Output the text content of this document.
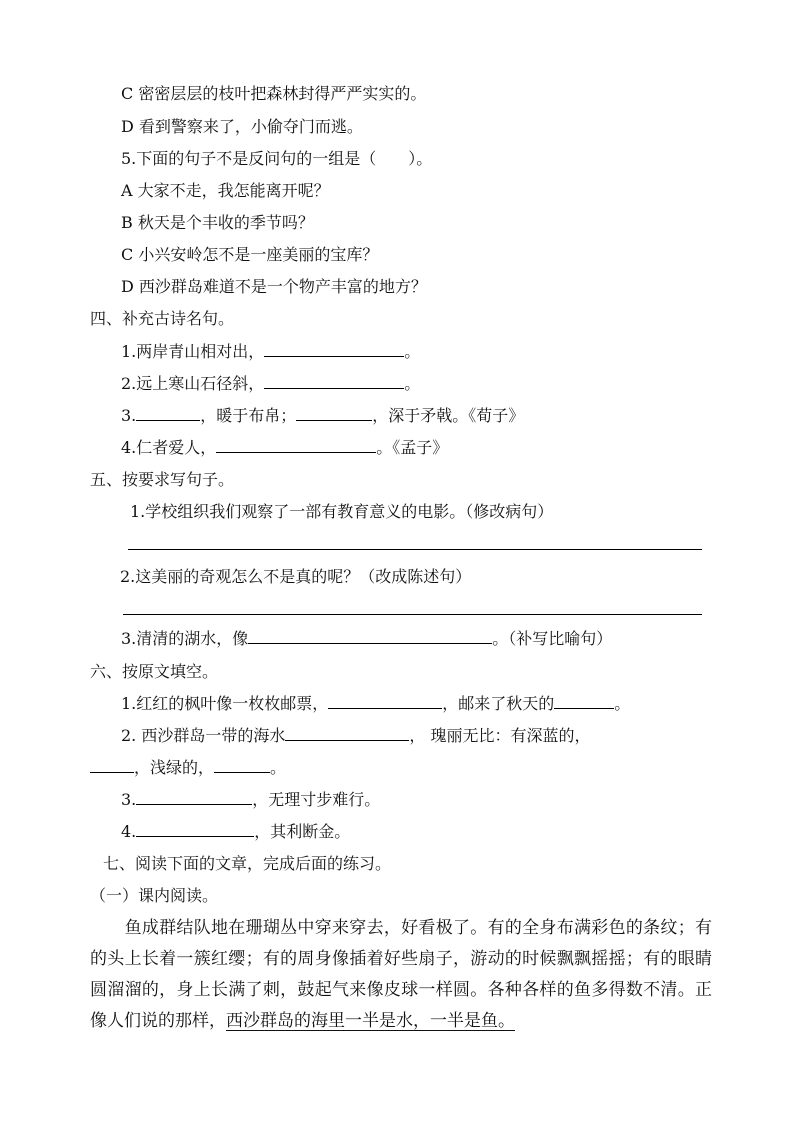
C 密密层层的枝叶把森林封得严严实实的。
D 看到警察来了，小偷夺门而逃。
5.下面的句子不是反问句的一组是（　　）。
A 大家不走，我怎能离开呢？
B 秋天是个丰收的季节吗？
C 小兴安岭怎不是一座美丽的宝库？
D 西沙群岛难道不是一个物产丰富的地方？
四、补充古诗名句。
1.两岸青山相对出，	。
2.远上寒山石径斜，	。
3.	，暖于布帛；	，深于矛戟。《荀子》
4.仁者爱人，	。《孟子》
五、按要求写句子。
1.学校组织我们观察了一部有教育意义的电影。（修改病句）
2.这美丽的奇观怎么不是真的呢？（改成陈述句）
3.清清的湖水，像	。（补写比喻句）
六、按原文填空。
1.红红的枫叶像一枚枚邮票，	，邮来了秋天的	。
2. 西沙群岛一带的海水	， 瑰丽无比：有深蓝的，
，浅绿的，	。
3.	，无理寸步难行。
4.	，其利断金。
七、阅读下面的文章，完成后面的练习。
（一）课内阅读。
　　鱼成群结队地在珊瑚丛中穿来穿去，好看极了。有的全身布满彩色的条纹；有的头上长着一簇红缨；有的周身像插着好些扇子，游动的时候飘飘摇摇；有的眼睛圆溜溜的，身上长满了刺，鼓起气来像皮球一样圆。各种各样的鱼多得数不清。正像人们说的那样，西沙群岛的海里一半是水，一半是鱼。
